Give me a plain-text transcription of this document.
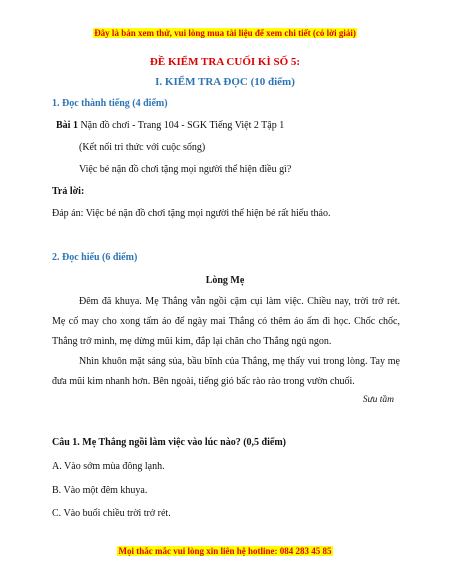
Đây là bản xem thử, vui lòng mua tài liệu để xem chi tiết (có lời giải)
ĐỀ KIỂM TRA CUỐI KÌ SỐ 5:
I. KIỂM TRA ĐỌC (10 điểm)
1. Đọc thành tiếng (4 điểm)
Bài 1 Nặn đồ chơi - Trang 104 - SGK Tiếng Việt 2 Tập 1
(Kết nối tri thức với cuộc sống)
Việc bé nặn đồ chơi tặng mọi người thể hiện điều gì?
Trả lời:
Đáp án: Việc bé nặn đồ chơi tặng mọi người thể hiện bé rất hiếu thảo.
2. Đọc hiểu (6 điểm)
Lòng Mẹ
Đêm đã khuya. Mẹ Thắng vẫn ngồi cặm cụi làm việc. Chiều nay, trời trở rét. Mẹ cố may cho xong tấm áo để ngày mai Thắng có thêm áo ấm đi học. Chốc chốc, Thắng trở mình, mẹ dừng mũi kim, đắp lại chăn cho Thắng ngủ ngon.
Nhìn khuôn mặt sáng sủa, bầu bĩnh của Thắng, mẹ thấy vui trong lòng. Tay mẹ đưa mũi kim nhanh hơn. Bên ngoài, tiếng gió bấc rào rào trong vườn chuối.
Sưu tầm
Câu 1. Mẹ Thắng ngồi làm việc vào lúc nào? (0,5 điểm)
A. Vào sớm mùa đông lạnh.
B. Vào một đêm khuya.
C. Vào buổi chiều trời trở rét.
Mọi thắc mắc vui lòng xin liên hệ hotline: 084 283 45 85
